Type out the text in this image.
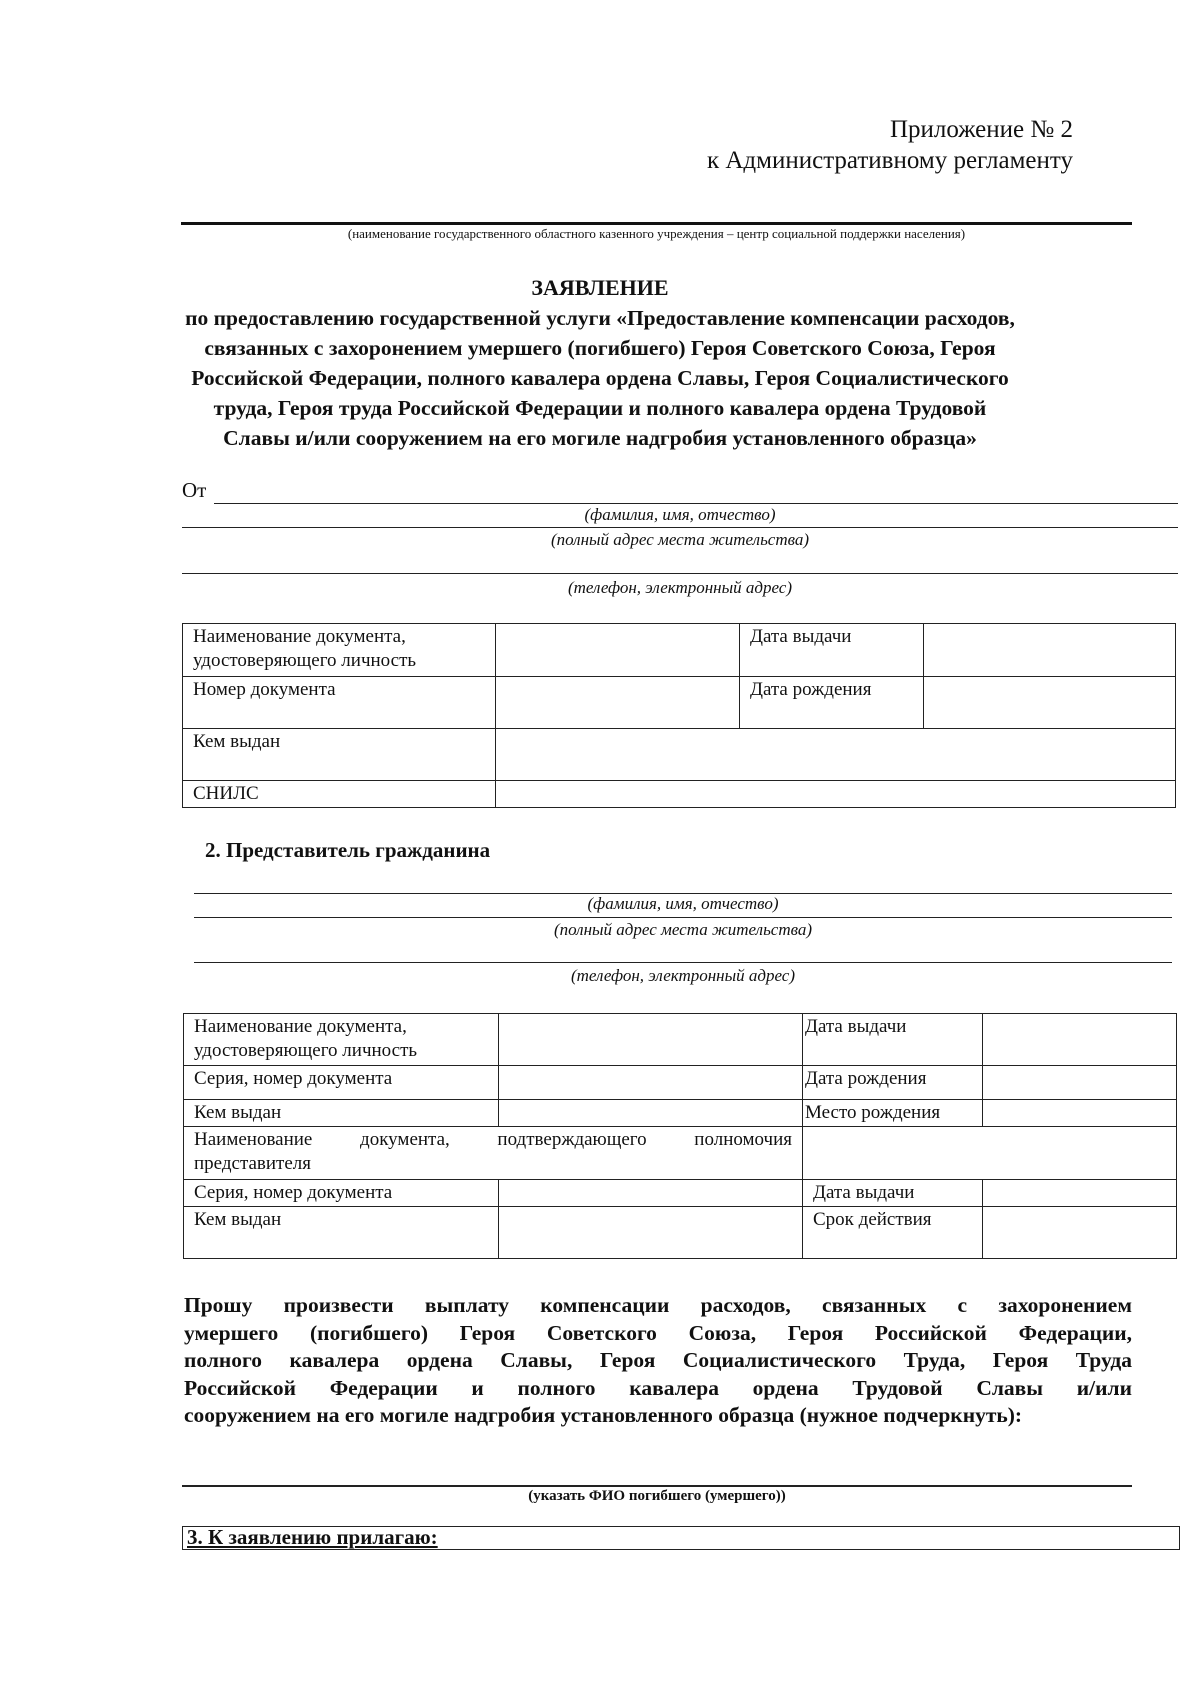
Приложение № 2
к Административному регламенту
(наименование государственного областного казенного учреждения – центр социальной поддержки населения)
ЗАЯВЛЕНИЕ
по предоставлению государственной услуги «Предоставление компенсации расходов,
связанных с захоронением умершего (погибшего) Героя Советского Союза, Героя
Российской Федерации, полного кавалера ордена Славы, Героя Социалистического
труда, Героя труда Российской Федерации и полного кавалера ордена Трудовой
Славы и/или сооружением на его могиле надгробия установленного образца»
От
(фамилия, имя, отчество)
(полный адрес места жительства)
(телефон, электронный адрес)
Наименование документа,
удостоверяющего личность		Дата выдачи	
Номер документа		Дата рождения	
Кем выдан			
СНИЛС			
2. Представитель гражданина
(фамилия, имя, отчество)
(полный адрес места жительства)
(телефон, электронный адрес)
Наименование документа,
удостоверяющего личность		Дата выдачи	
Серия, номер документа		Дата рождения	
Кем выдан		Место рождения	

Наименование документа, подтверждающего полномочия
представителя			

Серия, номер документа		Дата выдачи	
Кем выдан		Срок действия	
Прошу произвести выплату компенсации расходов, связанных с захоронением
умершего (погибшего) Героя Советского Союза, Героя Российской Федерации,
полного кавалера ордена Славы, Героя Социалистического Труда, Героя Труда
Российской Федерации и полного кавалера ордена Трудовой Славы и/или
сооружением на его могиле надгробия установленного образца (нужное подчеркнуть):
(указать ФИО погибшего (умершего))
3. К заявлению прилагаю:
